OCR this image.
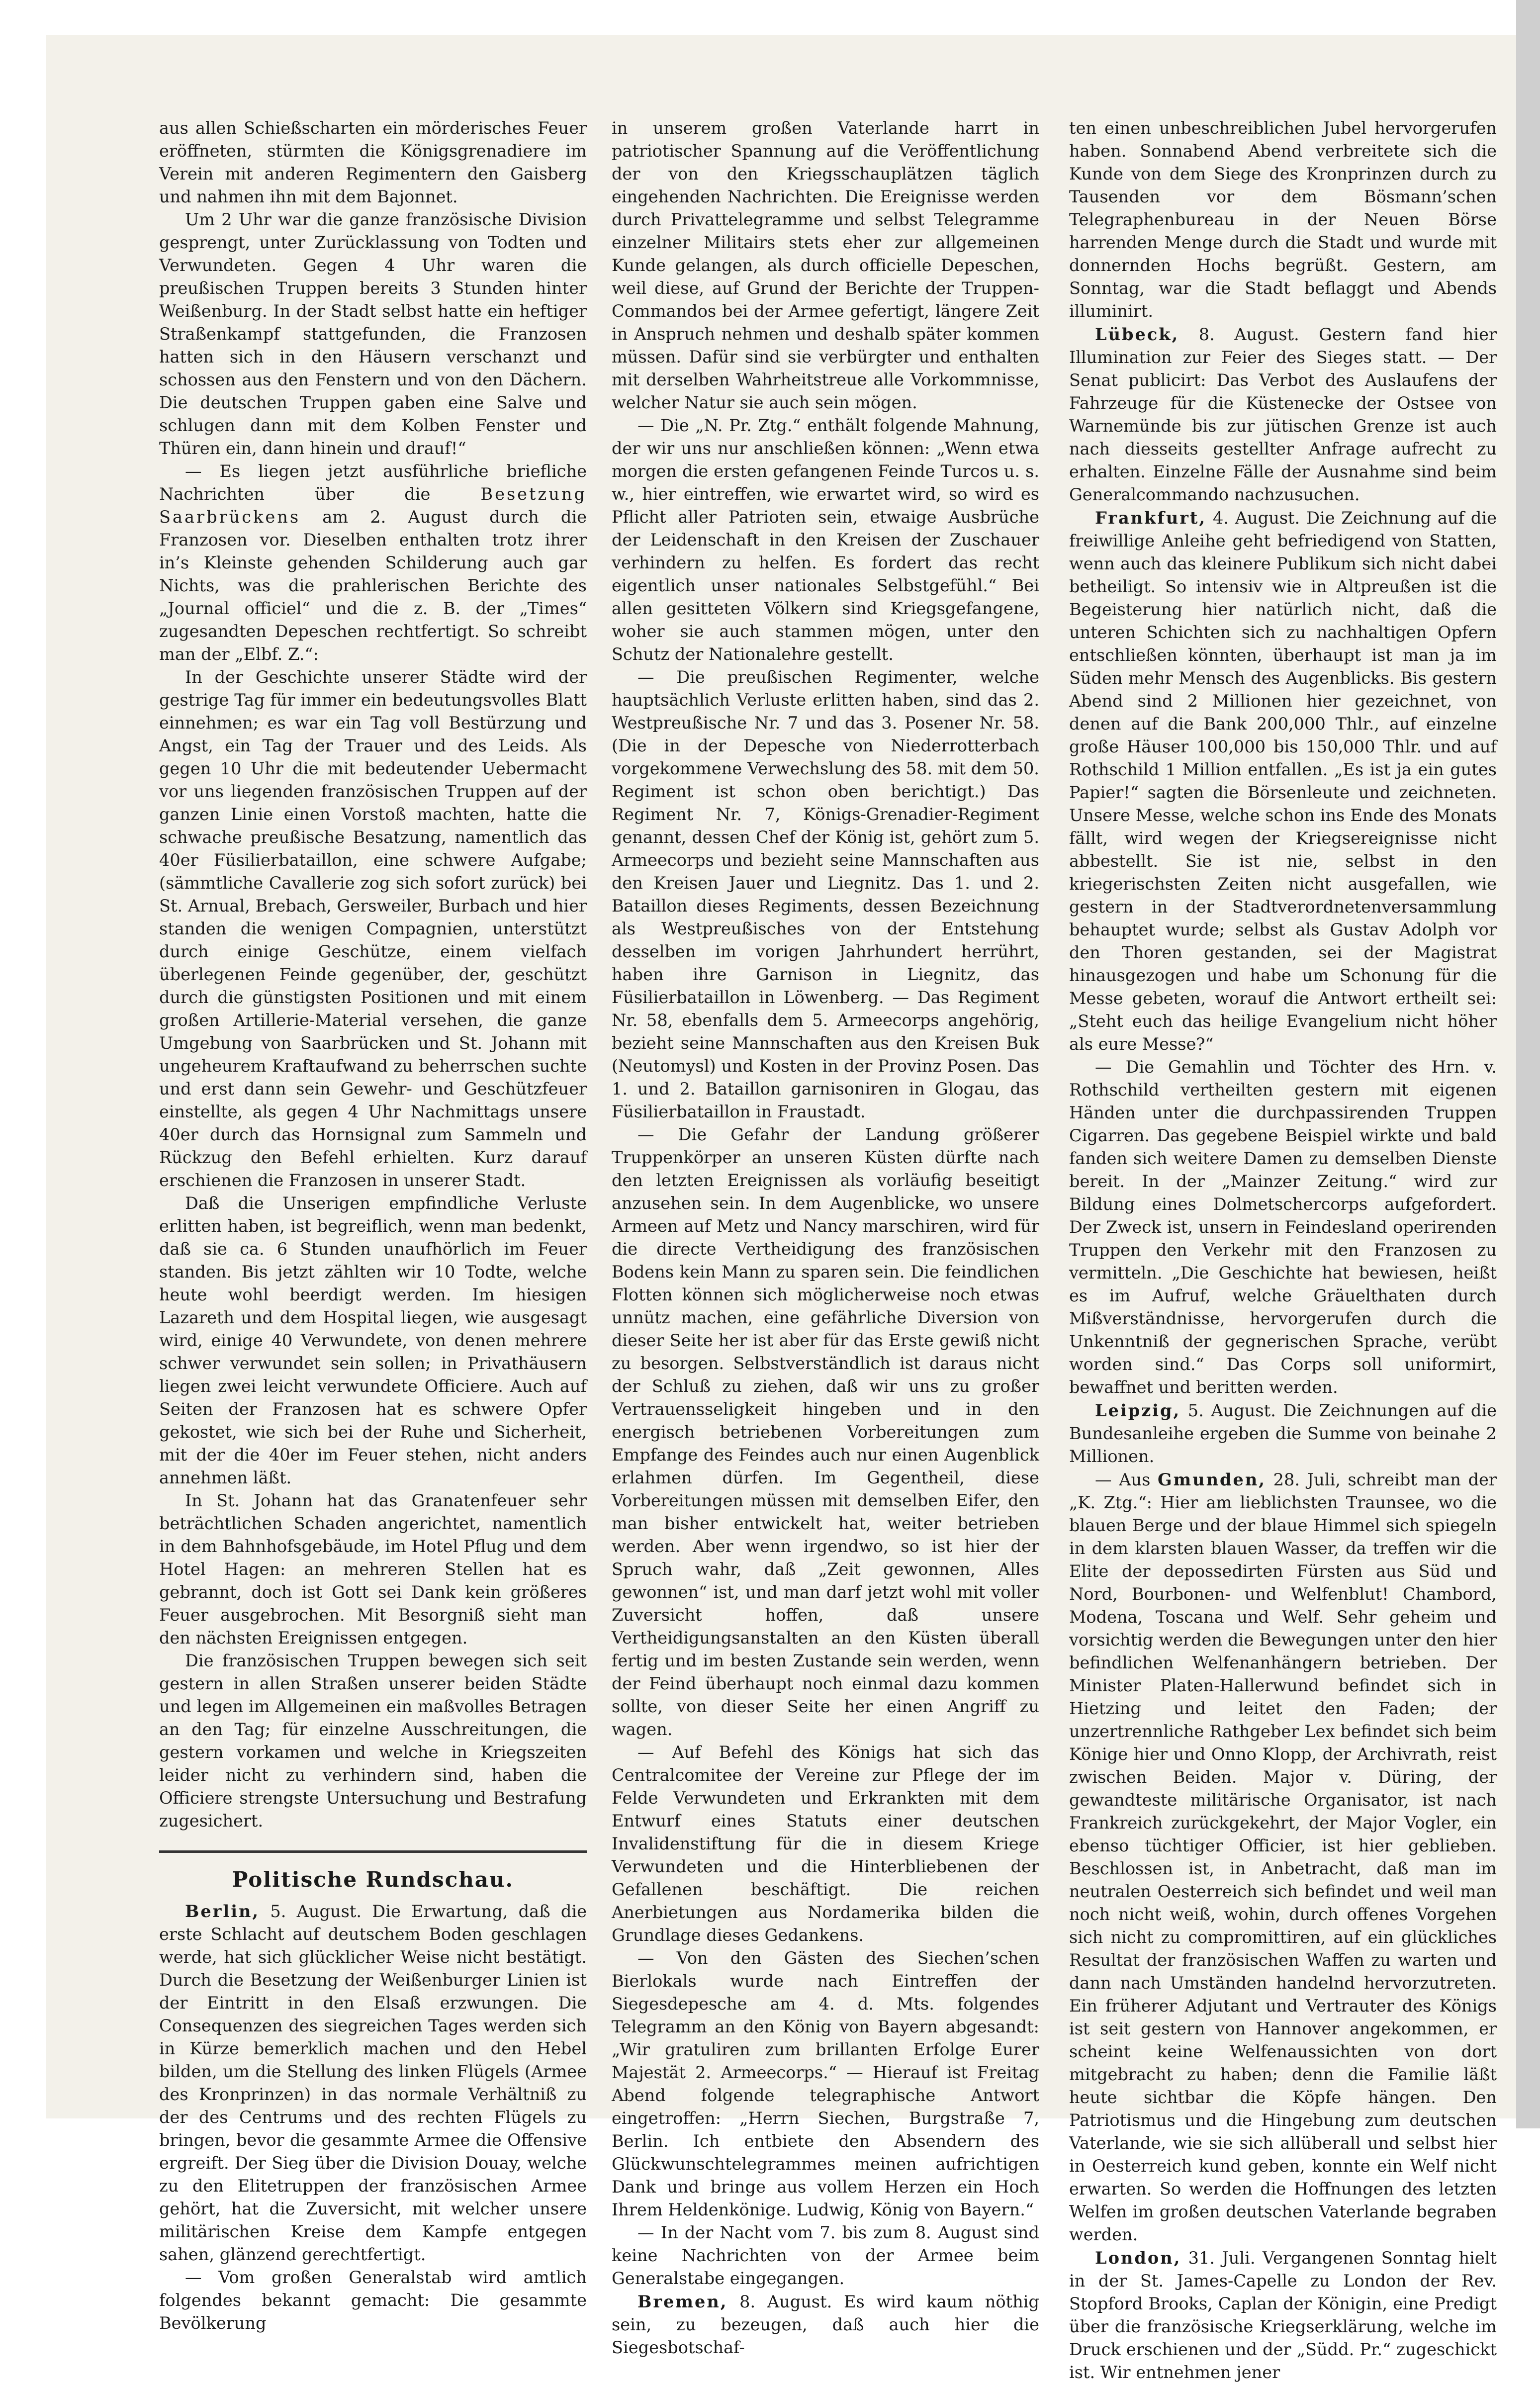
aus allen Schießscharten ein mörderisches Feuer eröffneten, stürmten die Königsgrenadiere im Verein mit anderen Regimentern den Gaisberg und nahmen ihn mit dem Bajonnet.

Um 2 Uhr war die ganze französische Division gesprengt, unter Zurücklassung von Todten und Verwundeten. Gegen 4 Uhr waren die preußischen Truppen bereits 3 Stunden hinter Weißenburg. In der Stadt selbst hatte ein heftiger Straßenkampf stattgefunden, die Franzosen hatten sich in den Häusern verschanzt und schossen aus den Fenstern und von den Dächern. Die deutschen Truppen gaben eine Salve und schlugen dann mit dem Kolben Fenster und Thüren ein, dann hinein und drauf!“

— Es liegen jetzt ausführliche briefliche Nachrichten über die Besetzung Saarbrückens am 2. August durch die Franzosen vor. Dieselben enthalten trotz ihrer in’s Kleinste gehenden Schilderung auch gar Nichts, was die prahlerischen Berichte des „Journal officiel“ und die z. B. der „Times“ zugesandten Depeschen rechtfertigt. So schreibt man der „Elbf. Z.“:

In der Geschichte unserer Städte wird der gestrige Tag für immer ein bedeutungsvolles Blatt einnehmen; es war ein Tag voll Bestürzung und Angst, ein Tag der Trauer und des Leids. Als gegen 10 Uhr die mit bedeutender Uebermacht vor uns liegenden französischen Truppen auf der ganzen Linie einen Vorstoß machten, hatte die schwache preußische Besatzung, namentlich das 40er Füsilierbataillon, eine schwere Aufgabe; (sämmtliche Cavallerie zog sich sofort zurück) bei St. Arnual, Brebach, Gersweiler, Burbach und hier standen die wenigen Compagnien, unterstützt durch einige Geschütze, einem vielfach überlegenen Feinde gegenüber, der, geschützt durch die günstigsten Positionen und mit einem großen Artillerie-Material versehen, die ganze Umgebung von Saarbrücken und St. Johann mit ungeheurem Kraftaufwand zu beherrschen suchte und erst dann sein Gewehr- und Geschützfeuer einstellte, als gegen 4 Uhr Nachmittags unsere 40er durch das Hornsignal zum Sammeln und Rückzug den Befehl erhielten. Kurz darauf erschienen die Franzosen in unserer Stadt.

Daß die Unserigen empfindliche Verluste erlitten haben, ist begreiflich, wenn man bedenkt, daß sie ca. 6 Stunden unaufhörlich im Feuer standen. Bis jetzt zählten wir 10 Todte, welche heute wohl beerdigt werden. Im hiesigen Lazareth und dem Hospital liegen, wie ausgesagt wird, einige 40 Verwundete, von denen mehrere schwer verwundet sein sollen; in Privathäusern liegen zwei leicht verwundete Officiere. Auch auf Seiten der Franzosen hat es schwere Opfer gekostet, wie sich bei der Ruhe und Sicherheit, mit der die 40er im Feuer stehen, nicht anders annehmen läßt.

In St. Johann hat das Granatenfeuer sehr beträchtlichen Schaden angerichtet, namentlich in dem Bahnhofsgebäude, im Hotel Pflug und dem Hotel Hagen: an mehreren Stellen hat es gebrannt, doch ist Gott sei Dank kein größeres Feuer ausgebrochen. Mit Besorgniß sieht man den nächsten Ereignissen entgegen.

Die französischen Truppen bewegen sich seit gestern in allen Straßen unserer beiden Städte und legen im Allgemeinen ein maßvolles Betragen an den Tag; für einzelne Ausschreitungen, die gestern vorkamen und welche in Kriegszeiten leider nicht zu verhindern sind, haben die Officiere strengste Untersuchung und Bestrafung zugesichert.

Politische Rundschau.

Berlin, 5. August. Die Erwartung, daß die erste Schlacht auf deutschem Boden geschlagen werde, hat sich glücklicher Weise nicht bestätigt. Durch die Besetzung der Weißenburger Linien ist der Eintritt in den Elsaß erzwungen. Die Consequenzen des siegreichen Tages werden sich in Kürze bemerklich machen und den Hebel bilden, um die Stellung des linken Flügels (Armee des Kronprinzen) in das normale Verhältniß zu der des Centrums und des rechten Flügels zu bringen, bevor die gesammte Armee die Offensive ergreift. Der Sieg über die Division Douay, welche zu den Elitetruppen der französischen Armee gehört, hat die Zuversicht, mit welcher unsere militärischen Kreise dem Kampfe entgegen sahen, glänzend gerechtfertigt.

— Vom großen Generalstab wird amtlich folgendes bekannt gemacht: Die gesammte Bevölkerung

in unserem großen Vaterlande harrt in patriotischer Spannung auf die Veröffentlichung der von den Kriegsschauplätzen täglich eingehenden Nachrichten. Die Ereignisse werden durch Privattelegramme und selbst Telegramme einzelner Militairs stets eher zur allgemeinen Kunde gelangen, als durch officielle Depeschen, weil diese, auf Grund der Berichte der Truppen-Commandos bei der Armee gefertigt, längere Zeit in Anspruch nehmen und deshalb später kommen müssen. Dafür sind sie verbürgter und enthalten mit derselben Wahrheitstreue alle Vorkommnisse, welcher Natur sie auch sein mögen.

— Die „N. Pr. Ztg.“ enthält folgende Mahnung, der wir uns nur anschließen können: „Wenn etwa morgen die ersten gefangenen Feinde Turcos u. s. w., hier eintreffen, wie erwartet wird, so wird es Pflicht aller Patrioten sein, etwaige Ausbrüche der Leidenschaft in den Kreisen der Zuschauer verhindern zu helfen. Es fordert das recht eigentlich unser nationales Selbstgefühl.“ Bei allen gesitteten Völkern sind Kriegsgefangene, woher sie auch stammen mögen, unter den Schutz der Nationalehre gestellt.

— Die preußischen Regimenter, welche hauptsächlich Verluste erlitten haben, sind das 2. Westpreußische Nr. 7 und das 3. Posener Nr. 58. (Die in der Depesche von Niederrotterbach vorgekommene Verwechslung des 58. mit dem 50. Regiment ist schon oben berichtigt.) Das Regiment Nr. 7, Königs-Grenadier-Regiment genannt, dessen Chef der König ist, gehört zum 5. Armeecorps und bezieht seine Mannschaften aus den Kreisen Jauer und Liegnitz. Das 1. und 2. Bataillon dieses Regiments, dessen Bezeichnung als Westpreußisches von der Entstehung desselben im vorigen Jahrhundert herrührt, haben ihre Garnison in Liegnitz, das Füsilierbataillon in Löwenberg. — Das Regiment Nr. 58, ebenfalls dem 5. Armeecorps angehörig, bezieht seine Mannschaften aus den Kreisen Buk (Neutomysl) und Kosten in der Provinz Posen. Das 1. und 2. Bataillon garnisoniren in Glogau, das Füsilierbataillon in Fraustadt.

— Die Gefahr der Landung größerer Truppenkörper an unseren Küsten dürfte nach den letzten Ereignissen als vorläufig beseitigt anzusehen sein. In dem Augenblicke, wo unsere Armeen auf Metz und Nancy marschiren, wird für die directe Vertheidigung des französischen Bodens kein Mann zu sparen sein. Die feindlichen Flotten können sich möglicherweise noch etwas unnütz machen, eine gefährliche Diversion von dieser Seite her ist aber für das Erste gewiß nicht zu besorgen. Selbstverständlich ist daraus nicht der Schluß zu ziehen, daß wir uns zu großer Vertrauensseligkeit hingeben und in den energisch betriebenen Vorbereitungen zum Empfange des Feindes auch nur einen Augenblick erlahmen dürfen. Im Gegentheil, diese Vorbereitungen müssen mit demselben Eifer, den man bisher entwickelt hat, weiter betrieben werden. Aber wenn irgendwo, so ist hier der Spruch wahr, daß „Zeit gewonnen, Alles gewonnen“ ist, und man darf jetzt wohl mit voller Zuversicht hoffen, daß unsere Vertheidigungsanstalten an den Küsten überall fertig und im besten Zustande sein werden, wenn der Feind überhaupt noch einmal dazu kommen sollte, von dieser Seite her einen Angriff zu wagen.

— Auf Befehl des Königs hat sich das Centralcomitee der Vereine zur Pflege der im Felde Verwundeten und Erkrankten mit dem Entwurf eines Statuts einer deutschen Invalidenstiftung für die in diesem Kriege Verwundeten und die Hinterbliebenen der Gefallenen beschäftigt. Die reichen Anerbietungen aus Nordamerika bilden die Grundlage dieses Gedankens.

— Von den Gästen des Siechen’schen Bierlokals wurde nach Eintreffen der Siegesdepesche am 4. d. Mts. folgendes Telegramm an den König von Bayern abgesandt: „Wir gratuliren zum brillanten Erfolge Eurer Majestät 2. Armeecorps.“ — Hierauf ist Freitag Abend folgende telegraphische Antwort eingetroffen: „Herrn Siechen, Burgstraße 7, Berlin. Ich entbiete den Absendern des Glückwunschtelegrammes meinen aufrichtigen Dank und bringe aus vollem Herzen ein Hoch Ihrem Heldenkönige. Ludwig, König von Bayern.“

— In der Nacht vom 7. bis zum 8. August sind keine Nachrichten von der Armee beim Generalstabe eingegangen.

Bremen, 8. August. Es wird kaum nöthig sein, zu bezeugen, daß auch hier die Siegesbotschaf-

ten einen unbeschreiblichen Jubel hervorgerufen haben. Sonnabend Abend verbreitete sich die Kunde von dem Siege des Kronprinzen durch zu Tausenden vor dem Bösmann’schen Telegraphenbureau in der Neuen Börse harrenden Menge durch die Stadt und wurde mit donnernden Hochs begrüßt. Gestern, am Sonntag, war die Stadt beflaggt und Abends illuminirt.

Lübeck, 8. August. Gestern fand hier Illumination zur Feier des Sieges statt. — Der Senat publicirt: Das Verbot des Auslaufens der Fahrzeuge für die Küstenecke der Ostsee von Warnemünde bis zur jütischen Grenze ist auch nach diesseits gestellter Anfrage aufrecht zu erhalten. Einzelne Fälle der Ausnahme sind beim Generalcommando nachzusuchen.

Frankfurt, 4. August. Die Zeichnung auf die freiwillige Anleihe geht befriedigend von Statten, wenn auch das kleinere Publikum sich nicht dabei betheiligt. So intensiv wie in Altpreußen ist die Begeisterung hier natürlich nicht, daß die unteren Schichten sich zu nachhaltigen Opfern entschließen könnten, überhaupt ist man ja im Süden mehr Mensch des Augenblicks. Bis gestern Abend sind 2 Millionen hier gezeichnet, von denen auf die Bank 200,000 Thlr., auf einzelne große Häuser 100,000 bis 150,000 Thlr. und auf Rothschild 1 Million entfallen. „Es ist ja ein gutes Papier!“ sagten die Börsenleute und zeichneten. Unsere Messe, welche schon ins Ende des Monats fällt, wird wegen der Kriegsereignisse nicht abbestellt. Sie ist nie, selbst in den kriegerischsten Zeiten nicht ausgefallen, wie gestern in der Stadtverordnetenversammlung behauptet wurde; selbst als Gustav Adolph vor den Thoren gestanden, sei der Magistrat hinausgezogen und habe um Schonung für die Messe gebeten, worauf die Antwort ertheilt sei: „Steht euch das heilige Evangelium nicht höher als eure Messe?“

— Die Gemahlin und Töchter des Hrn. v. Rothschild vertheilten gestern mit eigenen Händen unter die durchpassirenden Truppen Cigarren. Das gegebene Beispiel wirkte und bald fanden sich weitere Damen zu demselben Dienste bereit. In der „Mainzer Zeitung.“ wird zur Bildung eines Dolmetschercorps aufgefordert. Der Zweck ist, unsern in Feindesland operirenden Truppen den Verkehr mit den Franzosen zu vermitteln. „Die Geschichte hat bewiesen, heißt es im Aufruf, welche Gräuelthaten durch Mißverständnisse, hervorgerufen durch die Unkenntniß der gegnerischen Sprache, verübt worden sind.“ Das Corps soll uniformirt, bewaffnet und beritten werden.

Leipzig, 5. August. Die Zeichnungen auf die Bundesanleihe ergeben die Summe von beinahe 2 Millionen.

— Aus Gmunden, 28. Juli, schreibt man der „K. Ztg.“: Hier am lieblichsten Traunsee, wo die blauen Berge und der blaue Himmel sich spiegeln in dem klarsten blauen Wasser, da treffen wir die Elite der depossedirten Fürsten aus Süd und Nord, Bourbonen- und Welfenblut! Chambord, Modena, Toscana und Welf. Sehr geheim und vorsichtig werden die Bewegungen unter den hier befindlichen Welfenanhängern betrieben. Der Minister Platen-Hallerwund befindet sich in Hietzing und leitet den Faden; der unzertrennliche Rathgeber Lex befindet sich beim Könige hier und Onno Klopp, der Archivrath, reist zwischen Beiden. Major v. Düring, der gewandteste militärische Organisator, ist nach Frankreich zurückgekehrt, der Major Vogler, ein ebenso tüchtiger Officier, ist hier geblieben. Beschlossen ist, in Anbetracht, daß man im neutralen Oesterreich sich befindet und weil man noch nicht weiß, wohin, durch offenes Vorgehen sich nicht zu compromittiren, auf ein glückliches Resultat der französischen Waffen zu warten und dann nach Umständen handelnd hervorzutreten. Ein früherer Adjutant und Vertrauter des Königs ist seit gestern von Hannover angekommen, er scheint keine Welfenaussichten von dort mitgebracht zu haben; denn die Familie läßt heute sichtbar die Köpfe hängen. Den Patriotismus und die Hingebung zum deutschen Vaterlande, wie sie sich allüberall und selbst hier in Oesterreich kund geben, konnte ein Welf nicht erwarten. So werden die Hoffnungen des letzten Welfen im großen deutschen Vaterlande begraben werden.

London, 31. Juli. Vergangenen Sonntag hielt in der St. James-Capelle zu London der Rev. Stopford Brooks, Caplan der Königin, eine Predigt über die französische Kriegserklärung, welche im Druck erschienen und der „Südd. Pr.“ zugeschickt ist. Wir entnehmen jener
